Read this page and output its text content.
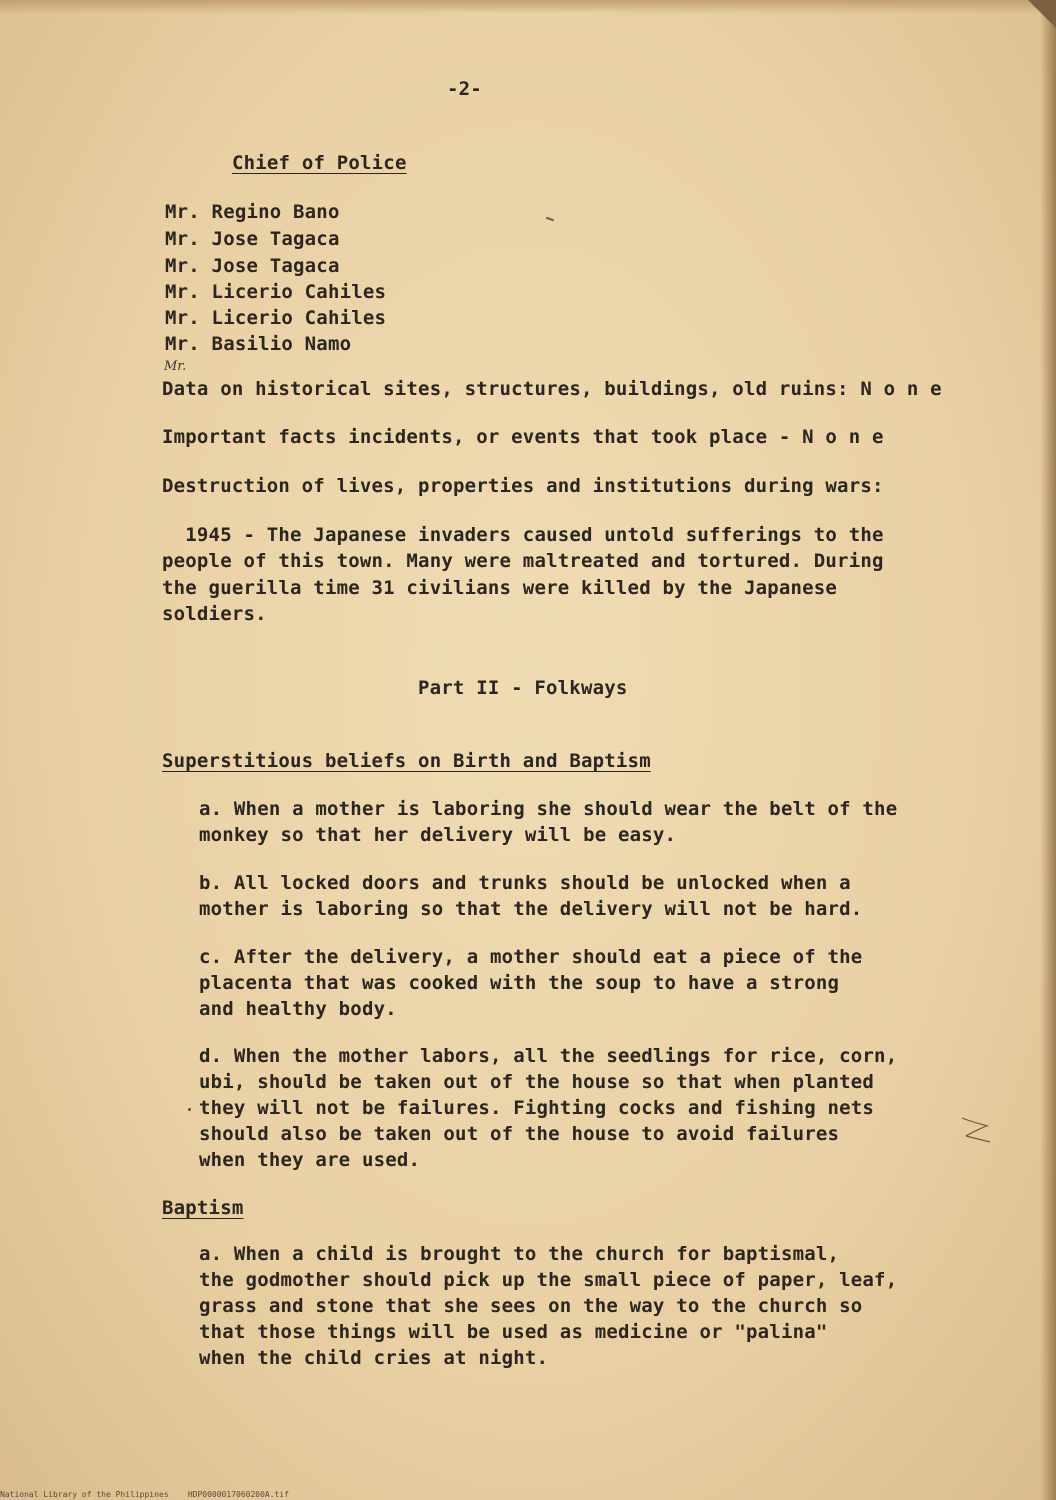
-2-
Chief of Police
Mr. Regino Bano
Mr. Jose Tagaca
Mr. Jose Tagaca
Mr. Licerio Cahiles
Mr. Licerio Cahiles
Mr. Basilio Namo
Mr.
Data on historical sites, structures, buildings, old ruins: N o n e
Important facts incidents, or events that took place - N o n e
Destruction of lives, properties and institutions during wars:
1945 - The Japanese invaders caused untold sufferings to the
people of this town. Many were maltreated and tortured. During
the guerilla time 31 civilians were killed by the Japanese
soldiers.
Part II - Folkways
Superstitious beliefs on Birth and Baptism
a. When a mother is laboring she should wear the belt of the
monkey so that her delivery will be easy.
b. All locked doors and trunks should be unlocked when a
mother is laboring so that the delivery will not be hard.
c. After the delivery, a mother should eat a piece of the
placenta that was cooked with the soup to have a strong
and healthy body.
d. When the mother labors, all the seedlings for rice, corn,
ubi, should be taken out of the house so that when planted
they will not be failures. Fighting cocks and fishing nets
should also be taken out of the house to avoid failures
when they are used.
Baptism
a. When a child is brought to the church for baptismal,
the godmother should pick up the small piece of paper, leaf,
grass and stone that she sees on the way to the church so
that those things will be used as medicine or "palina"
when the child cries at night.
National Library of the Philippines    HDP0000017060200A.tif
